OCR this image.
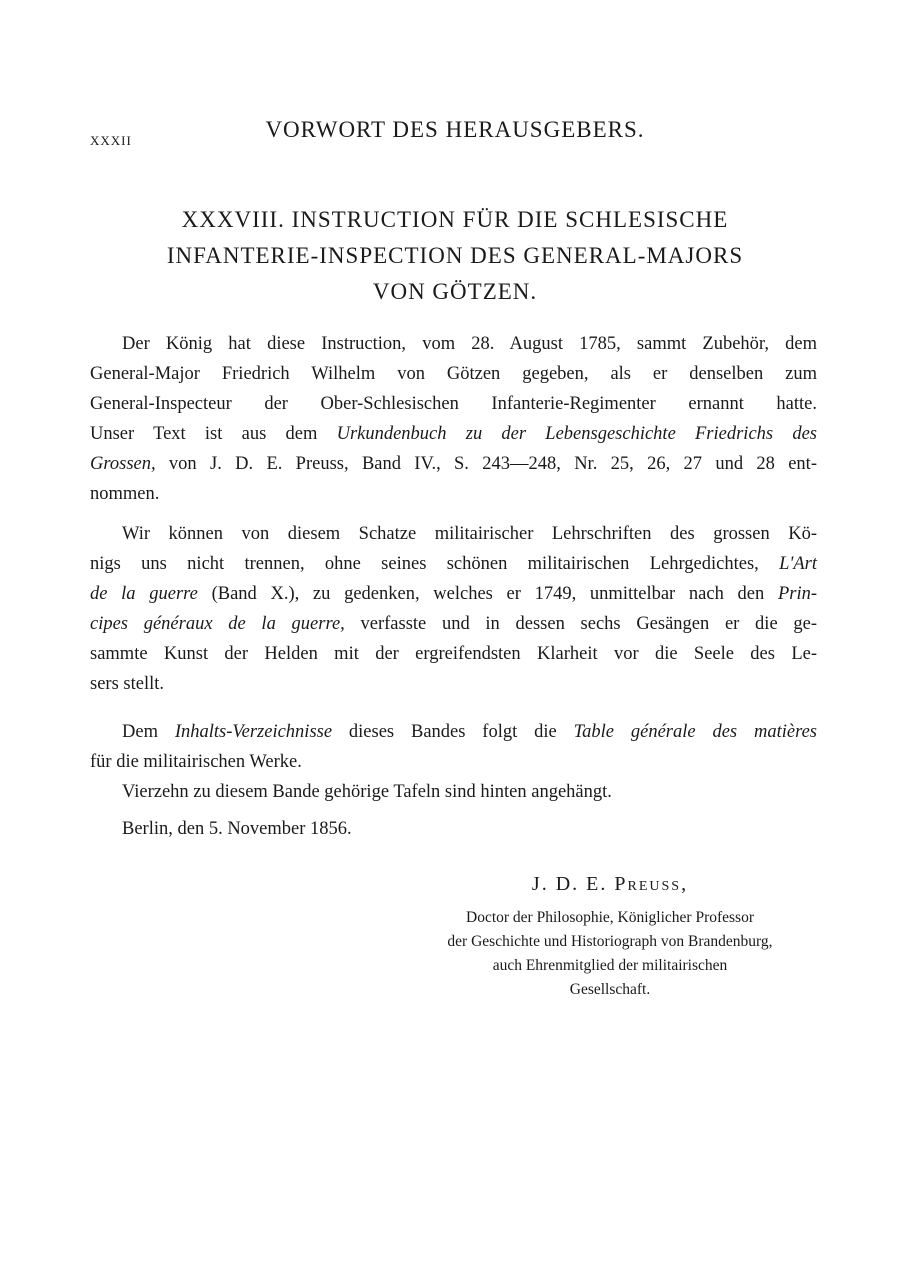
XXXII	VORWORT DES HERAUSGEBERS.
XXXVIII. INSTRUCTION FÜR DIE SCHLESISCHE
INFANTERIE-INSPECTION DES GENERAL-MAJORS
VON GÖTZEN.
Der König hat diese Instruction, vom 28. August 1785, sammt Zubehör, dem
General-Major Friedrich Wilhelm von Götzen gegeben, als er denselben zum
General-Inspecteur der Ober-Schlesischen Infanterie-Regimenter ernannt hatte.
Unser Text ist aus dem Urkundenbuch zu der Lebensgeschichte Friedrichs des
Grossen, von J. D. E. Preuss, Band IV., S. 243—248, Nr. 25, 26, 27 und 28 ent-
nommen.
Wir können von diesem Schatze militairischer Lehrschriften des grossen Kö-
nigs uns nicht trennen, ohne seines schönen militairischen Lehrgedichtes, L'Art
de la guerre (Band X.), zu gedenken, welches er 1749, unmittelbar nach den Prin-
cipes généraux de la guerre, verfasste und in dessen sechs Gesängen er die ge-
sammte Kunst der Helden mit der ergreifendsten Klarheit vor die Seele des Le-
sers stellt.
Dem Inhalts-Verzeichnisse dieses Bandes folgt die Table générale des matières
für die militairischen Werke.
Vierzehn zu diesem Bande gehörige Tafeln sind hinten angehängt.
Berlin, den 5. November 1856.
J. D. E. Preuss,
Doctor der Philosophie, Königlicher Professor
der Geschichte und Historiograph von Brandenburg,
auch Ehrenmitglied der militairischen
Gesellschaft.
